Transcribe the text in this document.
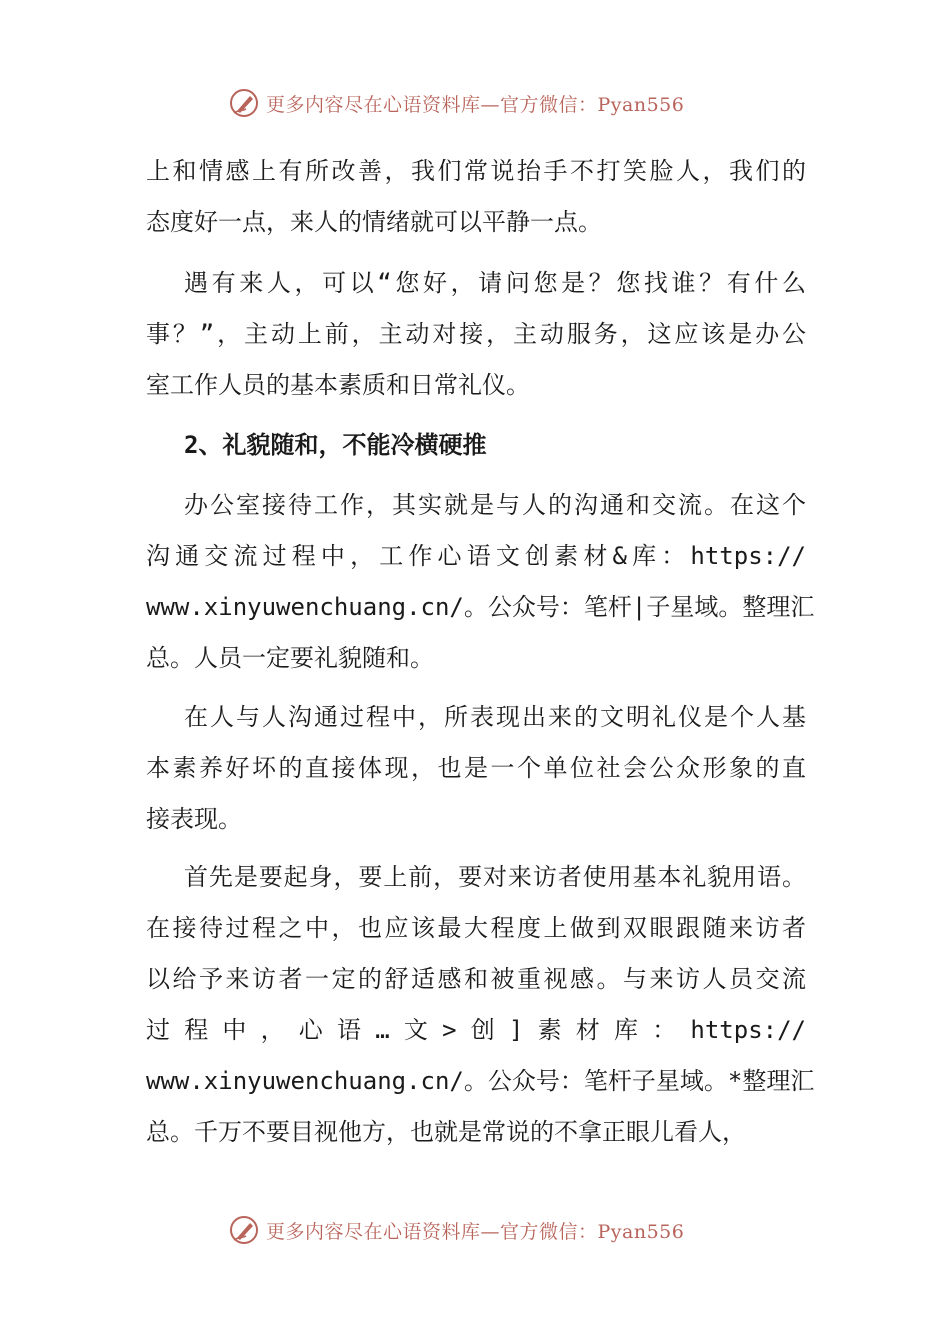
更多内容尽在心语资料库—官方微信：Pyan556
上和情感上有所改善，我们常说抬手不打笑脸人，我们的
态度好一点，来人的情绪就可以平静一点。
遇有来人，可以“您好，请问您是？您找谁？有什么
事？”，主动上前，主动对接，主动服务，这应该是办公
室工作人员的基本素质和日常礼仪。
2、礼貌随和，不能冷横硬推
办公室接待工作，其实就是与人的沟通和交流。在这个
沟通交流过程中，工作心语文创素材&库：https://
www.xinyuwenchuang.cn/。公众号：笔杆|子星域。整理汇
总。人员一定要礼貌随和。
在人与人沟通过程中，所表现出来的文明礼仪是个人基
本素养好坏的直接体现，也是一个单位社会公众形象的直
接表现。
首先是要起身，要上前，要对来访者使用基本礼貌用语。
在接待过程之中，也应该最大程度上做到双眼跟随来访者
以给予来访者一定的舒适感和被重视感。与来访人员交流
过程中，心语…文>创]素材库：https://
www.xinyuwenchuang.cn/。公众号：笔杆子星域。*整理汇
总。千万不要目视他方，也就是常说的不拿正眼儿看人，
更多内容尽在心语资料库—官方微信：Pyan556
